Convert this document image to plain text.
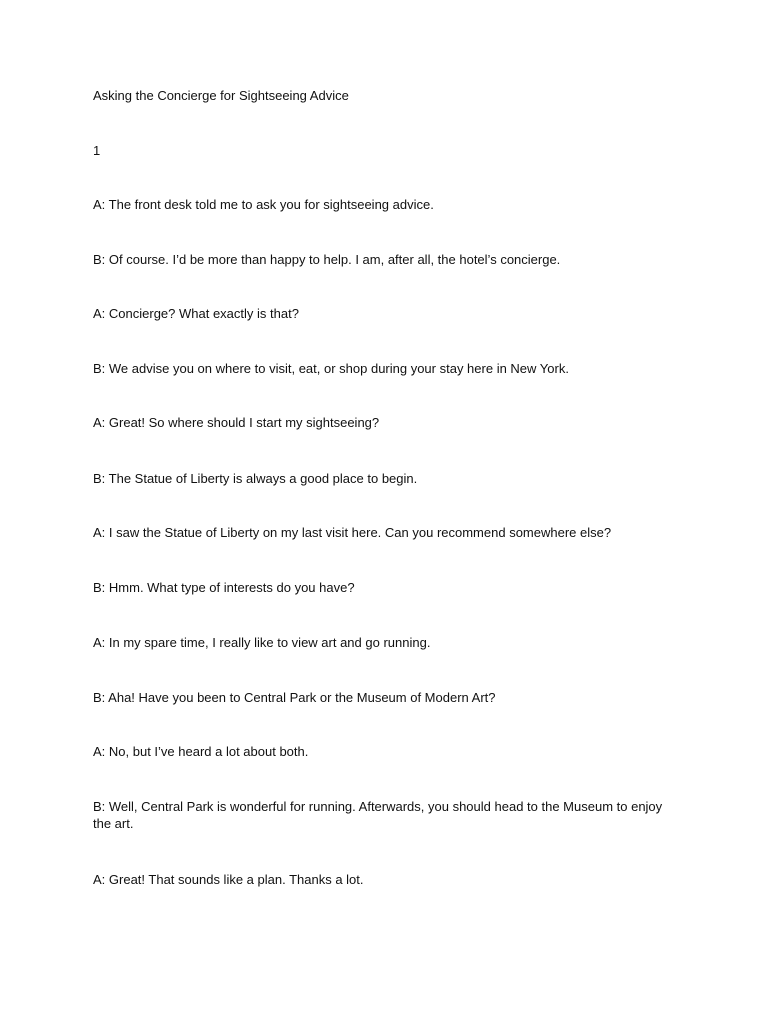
Asking the Concierge for Sightseeing Advice
1
A: The front desk told me to ask you for sightseeing advice.
B: Of course. I’d be more than happy to help. I am, after all, the hotel’s concierge.
A: Concierge? What exactly is that?
B: We advise you on where to visit, eat, or shop during your stay here in New York.
A: Great! So where should I start my sightseeing?
B: The Statue of Liberty is always a good place to begin.
A: I saw the Statue of Liberty on my last visit here. Can you recommend somewhere else?
B: Hmm. What type of interests do you have?
A: In my spare time, I really like to view art and go running.
B: Aha! Have you been to Central Park or the Museum of Modern Art?
A: No, but I’ve heard a lot about both.
B: Well, Central Park is wonderful for running. Afterwards, you should head to the Museum to enjoy the art.
A: Great! That sounds like a plan. Thanks a lot.
